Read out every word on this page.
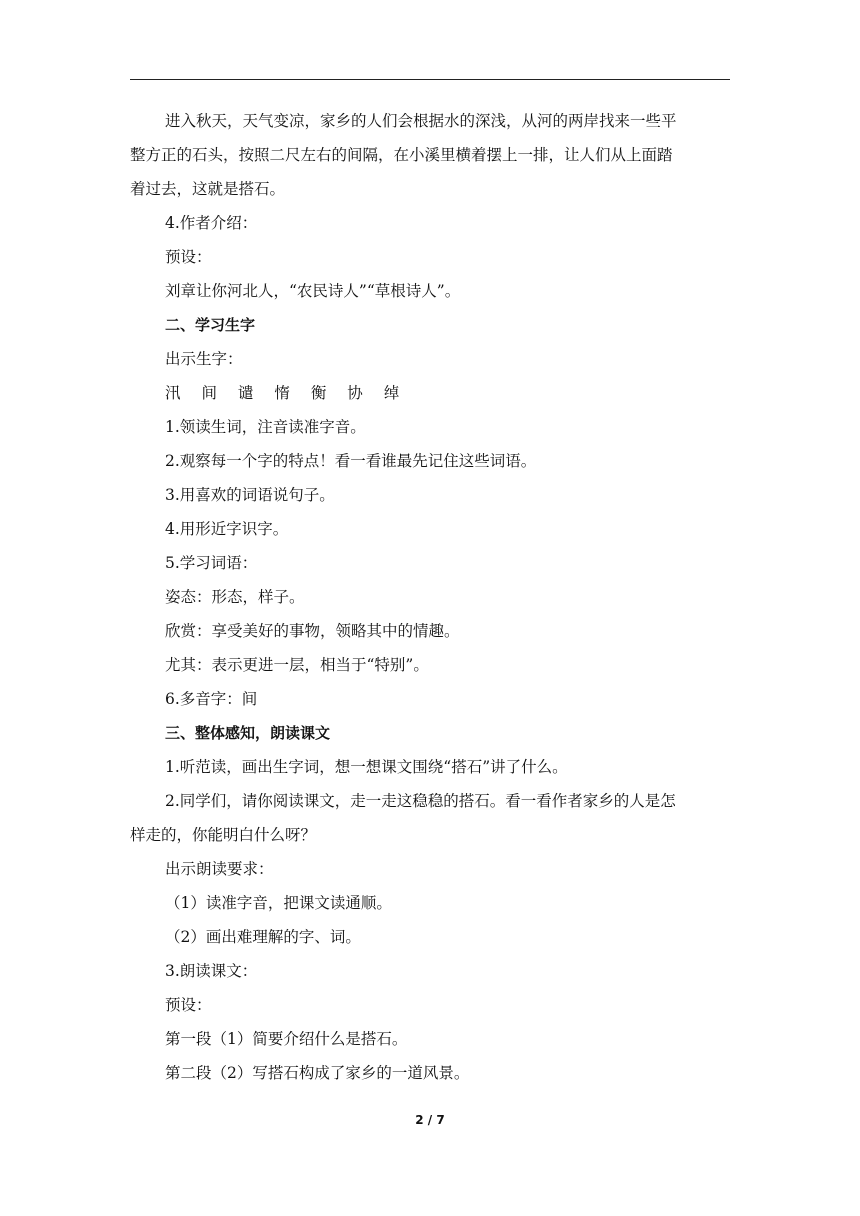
进入秋天，天气变凉，家乡的人们会根据水的深浅，从河的两岸找来一些平
整方正的石头，按照二尺左右的间隔，在小溪里横着摆上一排，让人们从上面踏
着过去，这就是搭石。
4.作者介绍：
预设：
刘章让你河北人，“农民诗人”“草根诗人”。
二、学习生字
出示生字：
汛 间 谴 惰 衡 协 绰
1.领读生词，注音读准字音。
2.观察每一个字的特点！看一看谁最先记住这些词语。
3.用喜欢的词语说句子。
4.用形近字识字。
5.学习词语：
姿态：形态，样子。
欣赏：享受美好的事物，领略其中的情趣。
尤其：表示更进一层，相当于“特别”。
6.多音字：间
三、整体感知，朗读课文
1.听范读，画出生字词，想一想课文围绕“搭石”讲了什么。
2.同学们，请你阅读课文，走一走这稳稳的搭石。看一看作者家乡的人是怎
样走的，你能明白什么呀？
出示朗读要求：
（1）读准字音，把课文读通顺。
（2）画出难理解的字、词。
3.朗读课文：
预设：
第一段（1）简要介绍什么是搭石。
第二段（2）写搭石构成了家乡的一道风景。
2 / 7
